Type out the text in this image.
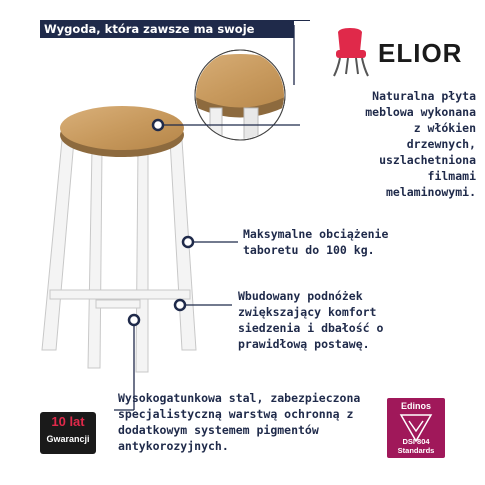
Wygoda, która zawsze ma swoje miejsce	ELIOR
Naturalna płyta
meblowa wykonana
z włókien
drzewnych,
uszlachetniona
filmami
melaminowymi.
Maksymalne obciążenie
taboretu do 100 kg.
Wbudowany podnóżek
zwiększający komfort
siedzenia i dbałość o
prawidłową postawę.
Wysokogatunkowa stal, zabezpieczona
specjalistyczną warstwą ochronną z
dodatkowym systemem pigmentów
antykorozyjnych.
10 lat
Gwarancji
Edinos
DSI 804
Standards
